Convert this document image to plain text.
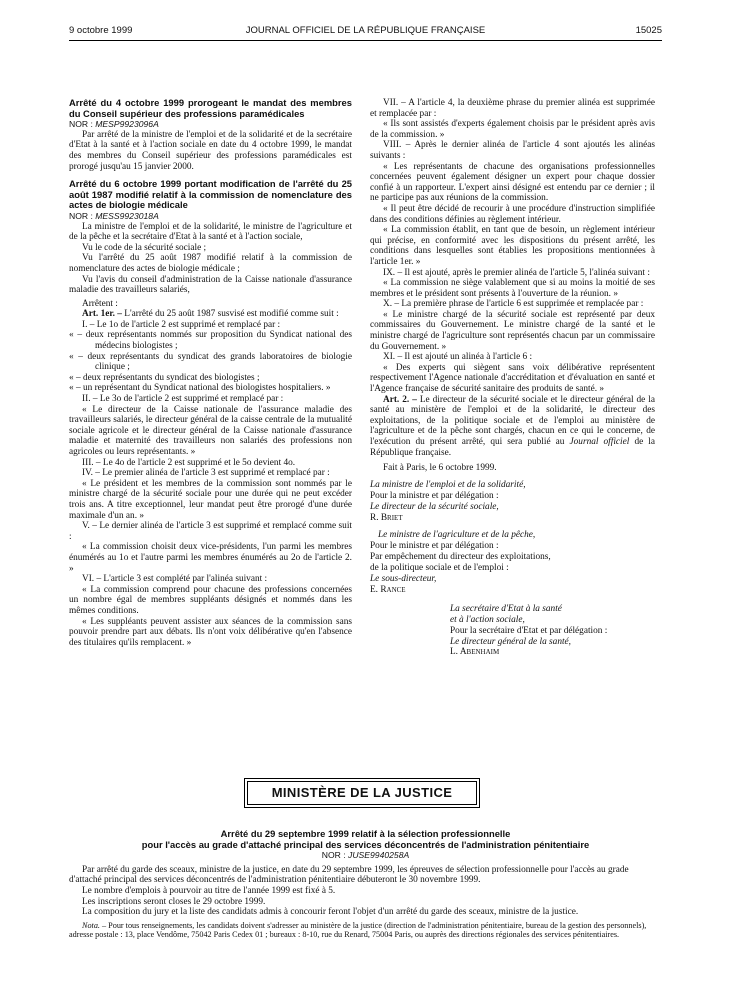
9 octobre 1999	JOURNAL OFFICIEL DE LA RÉPUBLIQUE FRANÇAISE	15025

Arrêté du 4 octobre 1999 prorogeant le mandat des membres du Conseil supérieur des professions paramédicales

NOR : MESP9923096A

Par arrêté de la ministre de l'emploi et de la solidarité et de la secrétaire d'Etat à la santé et à l'action sociale en date du 4 octobre 1999, le mandat des membres du Conseil supérieur des professions paramédicales est prorogé jusqu'au 15 janvier 2000.

Arrêté du 6 octobre 1999 portant modification de l'arrêté du 25 août 1987 modifié relatif à la commission de nomenclature des actes de biologie médicale

NOR : MESS9923018A

La ministre de l'emploi et de la solidarité, le ministre de l'agriculture et de la pêche et la secrétaire d'Etat à la santé et à l'action sociale,

Vu le code de la sécurité sociale ;

Vu l'arrêté du 25 août 1987 modifié relatif à la commission de nomenclature des actes de biologie médicale ;

Vu l'avis du conseil d'administration de la Caisse nationale d'assurance maladie des travailleurs salariés,

Arrêtent :

Art. 1er. – L'arrêté du 25 août 1987 susvisé est modifié comme suit :

I. – Le 1o de l'article 2 est supprimé et remplacé par :

« – deux représentants nommés sur proposition du Syndicat national des médecins biologistes ;

« – deux représentants du syndicat des grands laboratoires de biologie clinique ;

« – deux représentants du syndicat des biologistes ;

« – un représentant du Syndicat national des biologistes hospitaliers. »

II. – Le 3o de l'article 2 est supprimé et remplacé par :

« Le directeur de la Caisse nationale de l'assurance maladie des travailleurs salariés, le directeur général de la caisse centrale de la mutualité sociale agricole et le directeur général de la Caisse nationale d'assurance maladie et maternité des travailleurs non salariés des professions non agricoles ou leurs représentants. »

III. – Le 4o de l'article 2 est supprimé et le 5o devient 4o.

IV. – Le premier alinéa de l'article 3 est supprimé et remplacé par :

« Le président et les membres de la commission sont nommés par le ministre chargé de la sécurité sociale pour une durée qui ne peut excéder trois ans. A titre exceptionnel, leur mandat peut être prorogé d'une durée maximale d'un an. »

V. – Le dernier alinéa de l'article 3 est supprimé et remplacé comme suit :

« La commission choisit deux vice-présidents, l'un parmi les membres énumérés au 1o et l'autre parmi les membres énumérés au 2o de l'article 2. »

VI. – L'article 3 est complété par l'alinéa suivant :

« La commission comprend pour chacune des professions concernées un nombre égal de membres suppléants désignés et nommés dans les mêmes conditions.

« Les suppléants peuvent assister aux séances de la commission sans pouvoir prendre part aux débats. Ils n'ont voix délibérative qu'en l'absence des titulaires qu'ils remplacent. »

VII. – A l'article 4, la deuxième phrase du premier alinéa est supprimée et remplacée par :

« Ils sont assistés d'experts également choisis par le président après avis de la commission. »

VIII. – Après le dernier alinéa de l'article 4 sont ajoutés les alinéas suivants :

« Les représentants de chacune des organisations professionnelles concernées peuvent également désigner un expert pour chaque dossier confié à un rapporteur. L'expert ainsi désigné est entendu par ce dernier ; il ne participe pas aux réunions de la commission.

« Il peut être décidé de recourir à une procédure d'instruction simplifiée dans des conditions définies au règlement intérieur.

« La commission établit, en tant que de besoin, un règlement intérieur qui précise, en conformité avec les dispositions du présent arrêté, les conditions dans lesquelles sont établies les propositions mentionnées à l'article 1er. »

IX. – Il est ajouté, après le premier alinéa de l'article 5, l'alinéa suivant :

« La commission ne siège valablement que si au moins la moitié de ses membres et le président sont présents à l'ouverture de la réunion. »

X. – La première phrase de l'article 6 est supprimée et remplacée par :

« Le ministre chargé de la sécurité sociale est représenté par deux commissaires du Gouvernement. Le ministre chargé de la santé et le ministre chargé de l'agriculture sont représentés chacun par un commissaire du Gouvernement. »

XI. – Il est ajouté un alinéa à l'article 6 :

« Des experts qui siègent sans voix délibérative représentent respectivement l'Agence nationale d'accréditation et d'évaluation en santé et l'Agence française de sécurité sanitaire des produits de santé. »

Art. 2. – Le directeur de la sécurité sociale et le directeur général de la santé au ministère de l'emploi et de la solidarité, le directeur des exploitations, de la politique sociale et de l'emploi au ministère de l'agriculture et de la pêche sont chargés, chacun en ce qui le concerne, de l'exécution du présent arrêté, qui sera publié au Journal officiel de la République française.

Fait à Paris, le 6 octobre 1999.

La ministre de l'emploi et de la solidarité,

Pour la ministre et par délégation :

Le directeur de la sécurité sociale,

R. Briet

Le ministre de l'agriculture et de la pêche,

Pour le ministre et par délégation :

Par empêchement du directeur des exploitations,

de la politique sociale et de l'emploi :

Le sous-directeur,

E. Rance

La secrétaire d'Etat à la santé

et à l'action sociale,

Pour la secrétaire d'Etat et par délégation :

Le directeur général de la santé,

L. Abenhaim

MINISTÈRE DE LA JUSTICE

Arrêté du 29 septembre 1999 relatif à la sélection professionnelle

pour l'accès au grade d'attaché principal des services déconcentrés de l'administration pénitentiaire

NOR : JUSE9940258A

Par arrêté du garde des sceaux, ministre de la justice, en date du 29 septembre 1999, les épreuves de sélection professionnelle pour l'accès au grade d'attaché principal des services déconcentrés de l'administration pénitentiaire débuteront le 30 novembre 1999.

Le nombre d'emplois à pourvoir au titre de l'année 1999 est fixé à 5.

Les inscriptions seront closes le 29 octobre 1999.

La composition du jury et la liste des candidats admis à concourir feront l'objet d'un arrêté du garde des sceaux, ministre de la justice.

Nota. – Pour tous renseignements, les candidats doivent s'adresser au ministère de la justice (direction de l'administration pénitentiaire, bureau de la gestion des personnels), adresse postale : 13, place Vendôme, 75042 Paris Cedex 01 ; bureaux : 8-10, rue du Renard, 75004 Paris, ou auprès des directions régionales des services pénitentiaires.
